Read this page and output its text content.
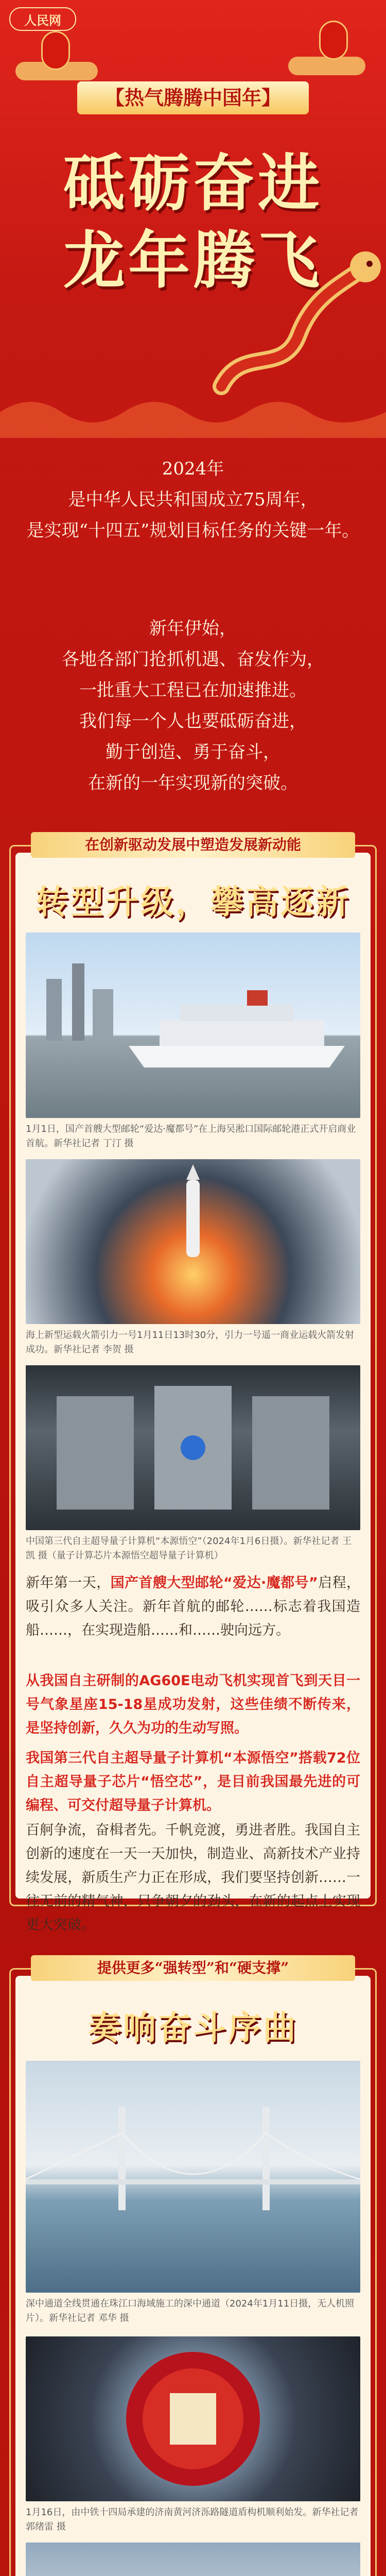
人民网
【热气腾腾中国年】
砥砺奋进
龙年腾飞
2024年
是中华人民共和国成立75周年，
是实现“十四五”规划目标任务的关键一年。
新年伊始，
各地各部门抢抓机遇、奋发作为，
一批重大工程已在加速推进。
我们每一个人也要砥砺奋进，
勤于创造、勇于奋斗，
在新的一年实现新的突破。
在创新驱动发展中塑造发展新动能
转型升级，攀高逐新
1月1日，国产首艘大型邮轮“爱达·魔都号”在上海吴淞口国际邮轮港正式开启商业首航。新华社记者 丁汀 摄
海上新型运载火箭引力一号1月11日13时30分，引力一号遥一商业运载火箭发射成功。新华社记者 李贺 摄
中国第三代自主超导量子计算机“本源悟空”（2024年1月6日摄）。新华社记者 王凯 摄（量子计算芯片本源悟空超导量子计算机）
新年第一天，国产首艘大型邮轮“爱达·魔都号”启程，吸引众多人关注。新年首航的邮轮……标志着我国造船……，在实现造船……和……驶向远方。
从我国自主研制的AG60E电动飞机实现首飞到天目一号气象星座15-18星成功发射，这些佳绩不断传来，是坚持创新，久久为功的生动写照。
我国第三代自主超导量子计算机“本源悟空”搭载72位自主超导量子芯片“悟空芯”，是目前我国最先进的可编程、可交付超导量子计算机。
百舸争流，奋楫者先。千帆竞渡，勇进者胜。我国自主创新的速度在一天一天加快，制造业、高新技术产业持续发展，新质生产力正在形成，我们要坚持创新……一往无前的精气神，只争朝夕的劲头，在新的起点上实现更大突破。
提供更多“强转型”和“硬支撑”
奏响奋斗序曲
深中通道全线贯通在珠江口海域施工的深中通道（2024年1月11日摄，无人机照片）。新华社记者 邓华 摄
1月16日，由中铁十四局承建的济南黄河济泺路隧道盾构机顺利始发。新华社记者 郭绪雷 摄
